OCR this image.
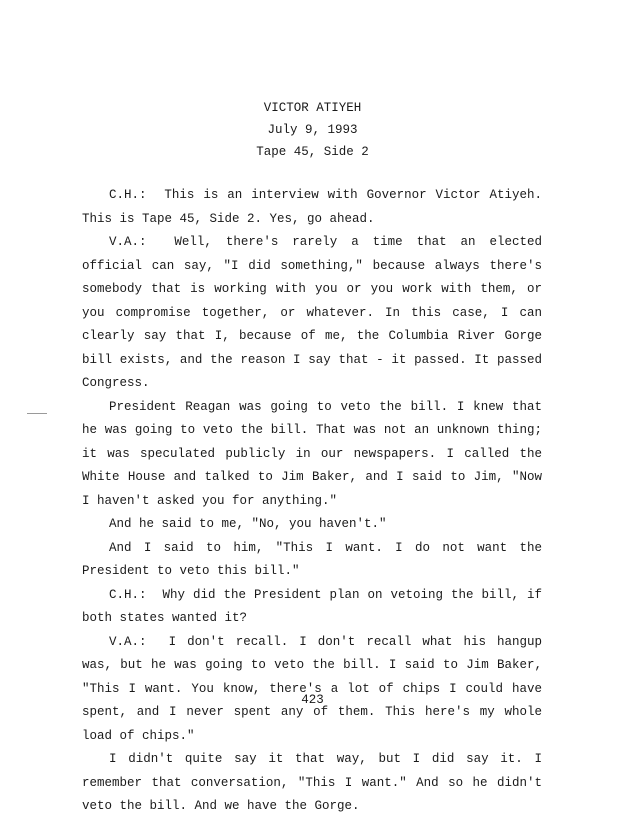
VICTOR ATIYEH
July 9, 1993
Tape 45, Side 2

C.H.: This is an interview with Governor Victor Atiyeh. This is Tape 45, Side 2. Yes, go ahead.

V.A.: Well, there's rarely a time that an elected official can say, "I did something," because always there's somebody that is working with you or you work with them, or you compromise together, or whatever. In this case, I can clearly say that I, because of me, the Columbia River Gorge bill exists, and the reason I say that - it passed. It passed Congress.

President Reagan was going to veto the bill. I knew that he was going to veto the bill. That was not an unknown thing; it was speculated publicly in our newspapers. I called the White House and talked to Jim Baker, and I said to Jim, "Now I haven't asked you for anything."

And he said to me, "No, you haven't."

And I said to him, "This I want. I do not want the President to veto this bill."

C.H.: Why did the President plan on vetoing the bill, if both states wanted it?

V.A.: I don't recall. I don't recall what his hangup was, but he was going to veto the bill. I said to Jim Baker, "This I want. You know, there's a lot of chips I could have spent, and I never spent any of them. This here's my whole load of chips."

I didn't quite say it that way, but I did say it. I remember that conversation, "This I want." And so he didn't veto the bill. And we have the Gorge.

423
